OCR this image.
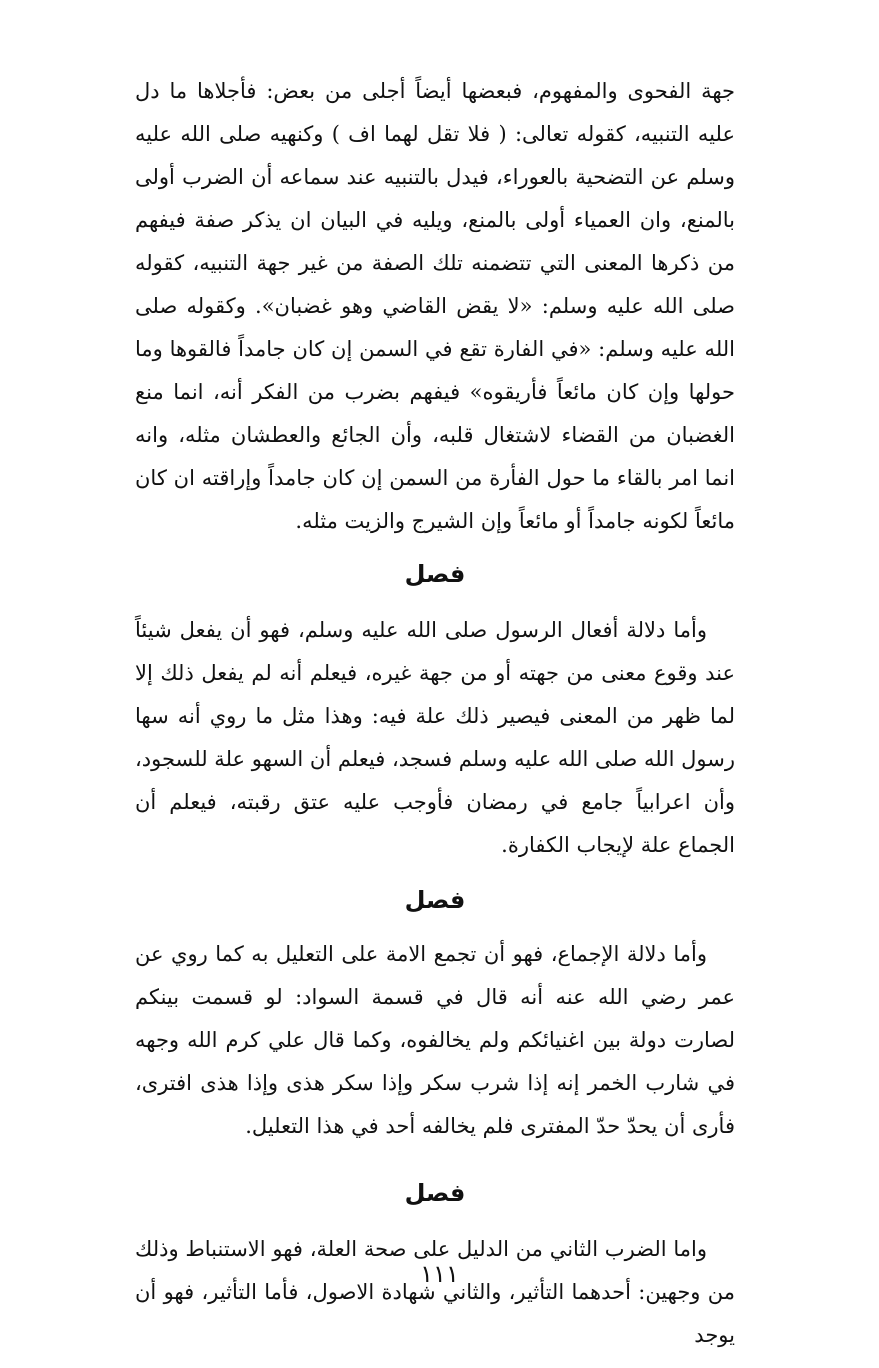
جهة الفحوى والمفهوم، فبعضها أيضاً أجلى من بعض: فأجلاها ما دل عليه التنبيه، كقوله تعالى: ( فلا تقل لهما اف ) وكنهيه صلى الله عليه وسلم عن التضحية بالعوراء، فيدل بالتنبيه عند سماعه أن الضرب أولى بالمنع، وان العمياء أولى بالمنع، ويليه في البيان ان يذكر صفة فيفهم من ذكرها المعنى التي تتضمنه تلك الصفة من غير جهة التنبيه، كقوله صلى الله عليه وسلم: «لا يقض القاضي وهو غضبان». وكقوله صلى الله عليه وسلم: «في الفارة تقع في السمن إن كان جامداً فالقوها وما حولها وإن كان مائعاً فأريقوه» فيفهم بضرب من الفكر أنه، انما منع الغضبان من القضاء لاشتغال قلبه، وأن الجائع والعطشان مثله، وانه انما امر بالقاء ما حول الفأرة من السمن إن كان جامداً وإراقته ان كان مائعاً لكونه جامداً أو مائعاً وإن الشيرج والزيت مثله.

فصل

وأما دلالة أفعال الرسول صلى الله عليه وسلم، فهو أن يفعل شيئاً عند وقوع معنى من جهته أو من جهة غيره، فيعلم أنه لم يفعل ذلك إلا لما ظهر من المعنى فيصير ذلك علة فيه: وهذا مثل ما روي أنه سها رسول الله صلى الله عليه وسلم فسجد، فيعلم أن السهو علة للسجود، وأن اعرابياً جامع في رمضان فأوجب عليه عتق رقبته، فيعلم أن الجماع علة لإيجاب الكفارة.

فصل

وأما دلالة الإجماع، فهو أن تجمع الامة على التعليل به كما روي عن عمر رضي الله عنه أنه قال في قسمة السواد: لو قسمت بينكم لصارت دولة بين اغنيائكم ولم يخالفوه، وكما قال علي كرم الله وجهه في شارب الخمر إنه إذا شرب سكر وإذا سكر هذى وإذا هذى افترى، فأرى أن يحدّ حدّ المفترى فلم يخالفه أحد في هذا التعليل.

فصل

واما الضرب الثاني من الدليل على صحة العلة، فهو الاستنباط وذلك من وجهين: أحدهما التأثير، والثاني شهادة الاصول، فأما التأثير، فهو أن يوجد

١١١
